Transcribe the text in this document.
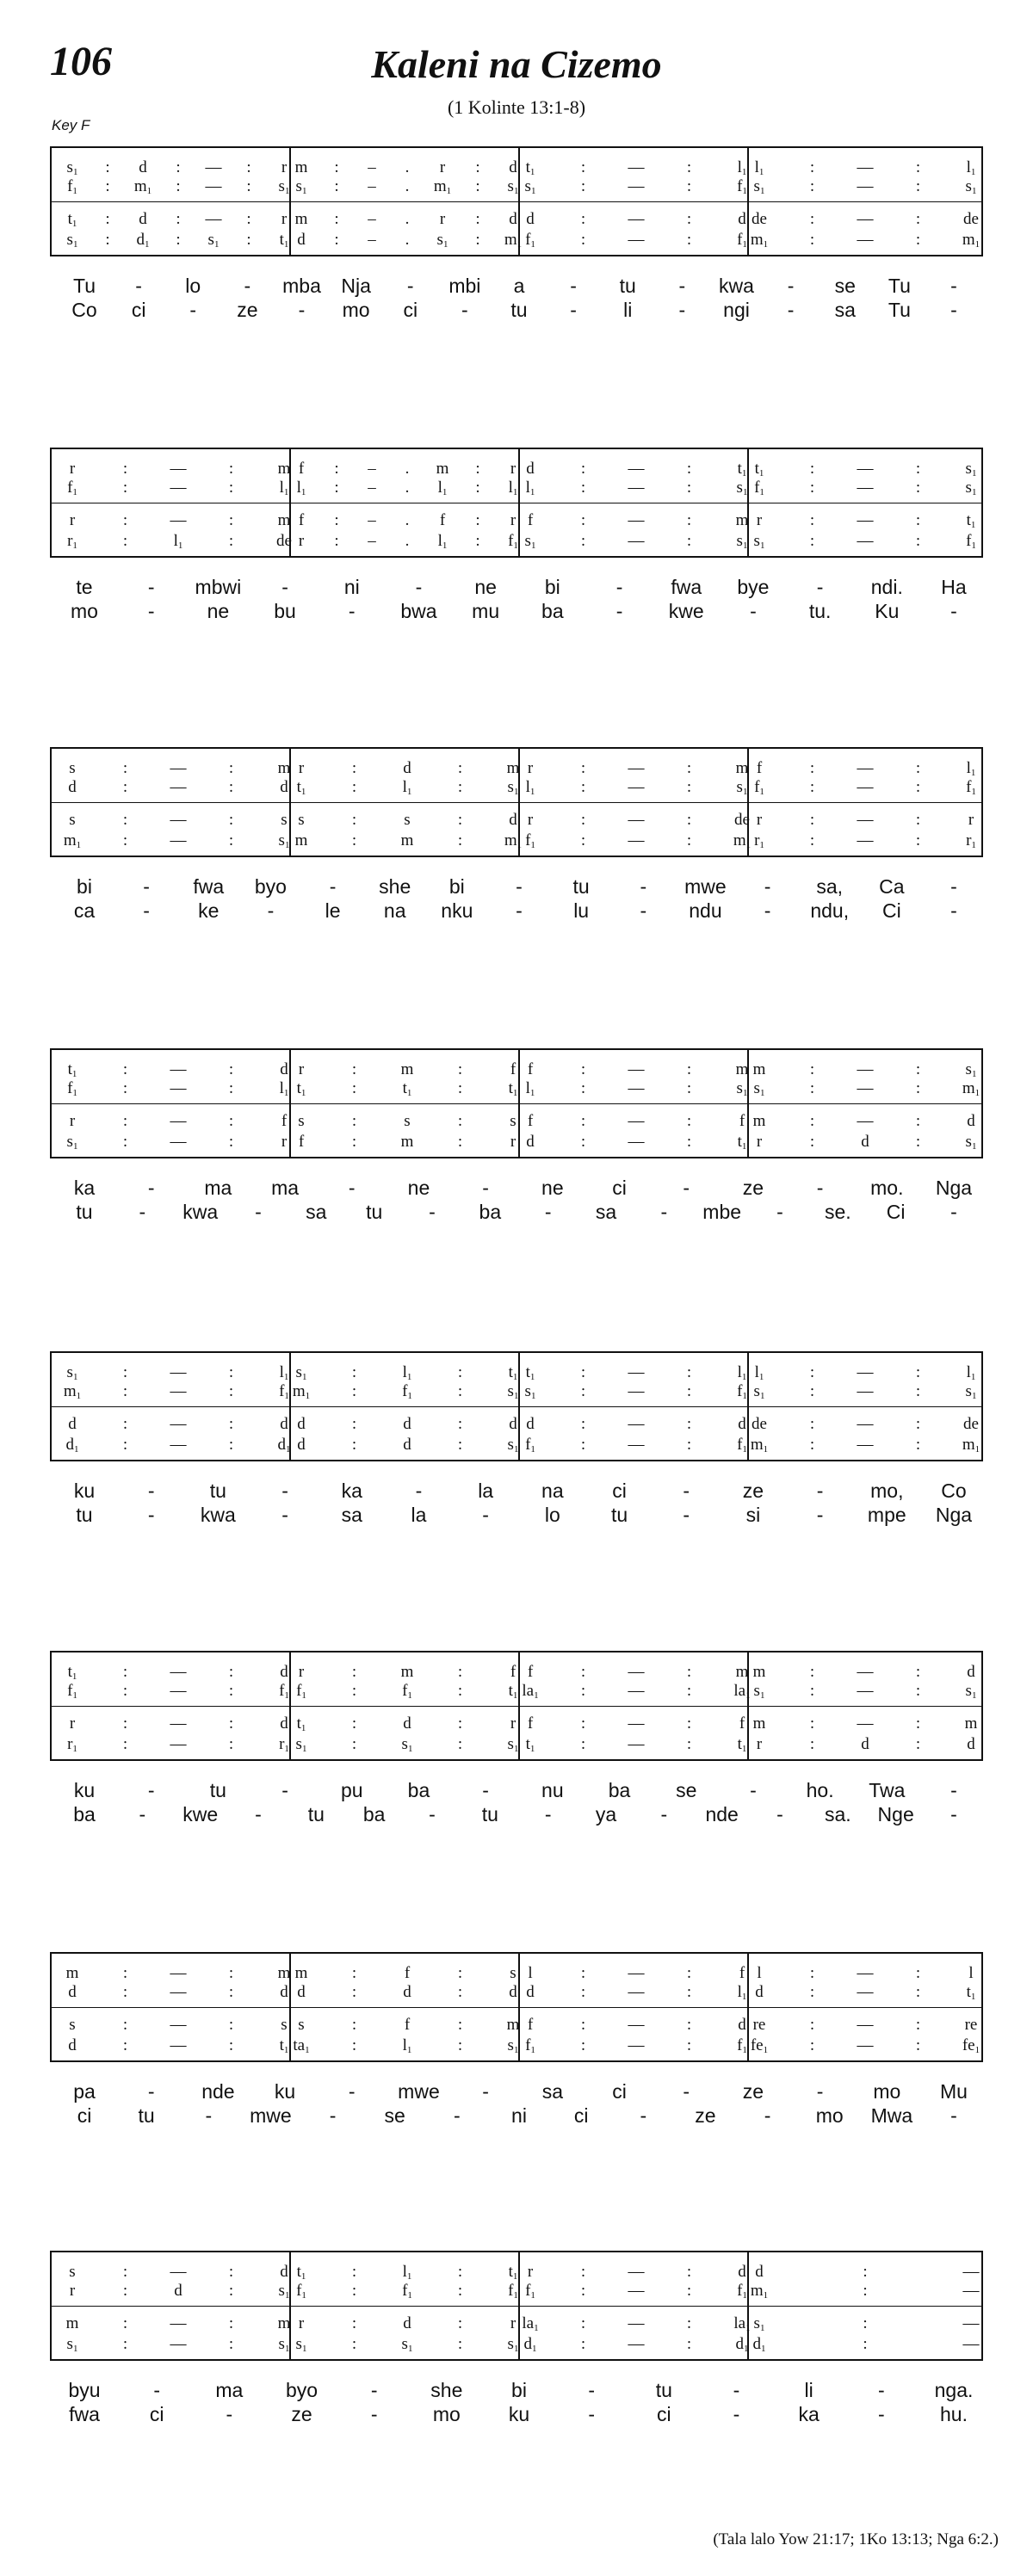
106	Kaleni na Cizemo
(1 Kolinte 13:1-8)
Key F
$s_1$	:	d	:	—	:	r m	:	–	.	r	:	d $t_1$	:	—	:	$l_1$ $l_1$	:	—	:	$l_1$
$f_1$	:	$m_1$	:	—	:	$s_1$ $s_1$	:	–	.	$m_1$	:	$s_1$ $s_1$	:	—	:	$f_1$ $s_1$	:	—	:	$s_1$
$t_1$	:	d	:	—	:	r m	:	–	.	r	:	d d	:	—	:	d de	:	—	:	de
$s_1$	:	$d_1$	:	$s_1$	:	$t_1$ d	:	–	.	$s_1$	:	$m_1$ $f_1$	:	—	:	$f_1$ $m_1$	:	—	:	$m_1$
Tu - lo - mba Nja - mbi a - tu - kwa - se Tu -
Co ci - ze - mo ci - tu - li - ngi - sa Tu -
r	:	—	:	m f	:	–	.	m	:	r d	:	—	:	$t_1$ $t_1$	:	—	:	$s_1$
$f_1$	:	—	:	$l_1$ $l_1$	:	–	.	$l_1$	:	$l_1$ $l_1$	:	—	:	$s_1$ $f_1$	:	—	:	$s_1$
r	:	—	:	m f	:	–	.	f	:	r f	:	—	:	m r	:	—	:	$t_1$
$r_1$	:	$l_1$	:	de r	:	–	.	$l_1$	:	$f_1$ $s_1$	:	—	:	$s_1$ $s_1$	:	—	:	$f_1$
te	- mbwi -	ni	-	ne bi	- fwa bye - ndi. Ha
mo	-	ne bu	- bwa mu ba	- kwe -	tu. Ku	-
s	:	—	:	m r	:	d	:	m r	:	—	:	m f	:	—	:	$l_1$
d	:	—	:	d $t_1$	:	$l_1$	:	$s_1$ $l_1$	:	—	:	$s_1$ $f_1$	:	—	:	$f_1$
s	:	—	:	s s	:	s	:	d r	:	—	:	de r	:	—	:	r
$m_1$	:	—	:	$s_1$ m	:	m	:	$m_1$ $f_1$	:	—	:	$m_1$ $r_1$	:	—	:	$r_1$
bi	- fwa byo - she bi	-	tu	- mwe - sa, Ca -
ca - ke -	le na nku -	lu	- ndu - ndu, Ci -
$t_1$	:	—	:	d r	:	m	:	f f	:	—	:	m m	:	—	:	$s_1$
$f_1$	:	—	:	$l_1$ $t_1$	:	$t_1$	:	$t_1$ $l_1$	:	—	:	$s_1$ $s_1$	:	—	:	$m_1$
r	:	—	:	f s	:	s	:	s f	:	—	:	f m	:	—	:	d
$s_1$	:	—	:	r f	:	m	:	r d	:	—	:	$t_1$ r	:	d	:	$s_1$
ka	-	ma ma	-	ne	-	ne ci	-	ze	- mo. Nga
tu - kwa - sa tu - ba - sa - mbe - se. Ci -
$s_1$	:	—	:	$l_1$ $s_1$	:	$l_1$	:	$t_1$ $t_1$	:	—	:	$l_1$ $l_1$	:	—	:	$l_1$
$m_1$	:	—	:	$f_1$ $m_1$	:	$f_1$	:	$s_1$ $s_1$	:	—	:	$f_1$ $s_1$	:	—	:	$s_1$
d	:	—	:	d d	:	d	:	d d	:	—	:	d de	:	—	:	de
$d_1$	:	—	:	$d_1$ d	:	d	:	$s_1$ $f_1$	:	—	:	$f_1$ $m_1$	:	—	:	$m_1$
ku	-	tu	-	ka	-	la na ci	-	ze	- mo, Co
tu	- kwa -	sa la	-	lo	tu	-	si	- mpe Nga
$t_1$	:	—	:	d r	:	m	:	f f	:	—	:	m m	:	—	:	d
$f_1$	:	—	:	$f_1$ $f_1$	:	$f_1$	:	$t_1$ $la_1$	:	—	:	$la_1$ $s_1$	:	—	:	$s_1$
r	:	—	:	d $t_1$	:	d	:	r f	:	—	:	f m	:	—	:	m
$r_1$	:	—	:	$r_1$ $s_1$	:	$s_1$	:	$s_1$ $t_1$	:	—	:	$t_1$ r	:	d	:	d
ku	-	tu	-	pu ba	-	nu ba se	-	ho. Twa -
ba - kwe - tu ba - tu - ya - nde - sa. Nge -
m	:	—	:	m m	:	f	:	s l	:	—	:	f l	:	—	:	l
d	:	—	:	d d	:	d	:	d d	:	—	:	$l_1$ d	:	—	:	$t_1$
s	:	—	:	s s	:	f	:	m f	:	—	:	d re	:	—	:	re
d	:	—	:	$t_1$ $ta_1$	:	$l_1$	:	$s_1$ $f_1$	:	—	:	$f_1$ $fe_1$	:	—	:	$fe_1$
pa	- nde ku	- mwe -	sa ci	-	ze	-	mo Mu
ci tu	- mwe - se -	ni ci	- ze - mo Mwa -
s	:	—	:	d $t_1$	:	$l_1$	:	$t_1$ r	:	—	:	d d	:	—
r	:	d	:	$s_1$ $f_1$	:	$f_1$	:	$f_1$ $f_1$	:	—	:	$f_1$ $m_1$	:	—
m	:	—	:	m r	:	d	:	r $la_1$	:	—	:	$la_1$ $s_1$	:	—
$s_1$	:	—	:	$s_1$ $s_1$	:	$s_1$	:	$s_1$ $d_1$	:	—	:	$d_1$ $d_1$	:	—
byu	-	ma byo	-	she bi	-	tu	-	li	-	nga.
fwa	ci	-	ze	-	mo ku	-	ci	-	ka	-	hu.
(Tala lalo Yow 21:17; 1Ko 13:13; Nga 6:2.)
